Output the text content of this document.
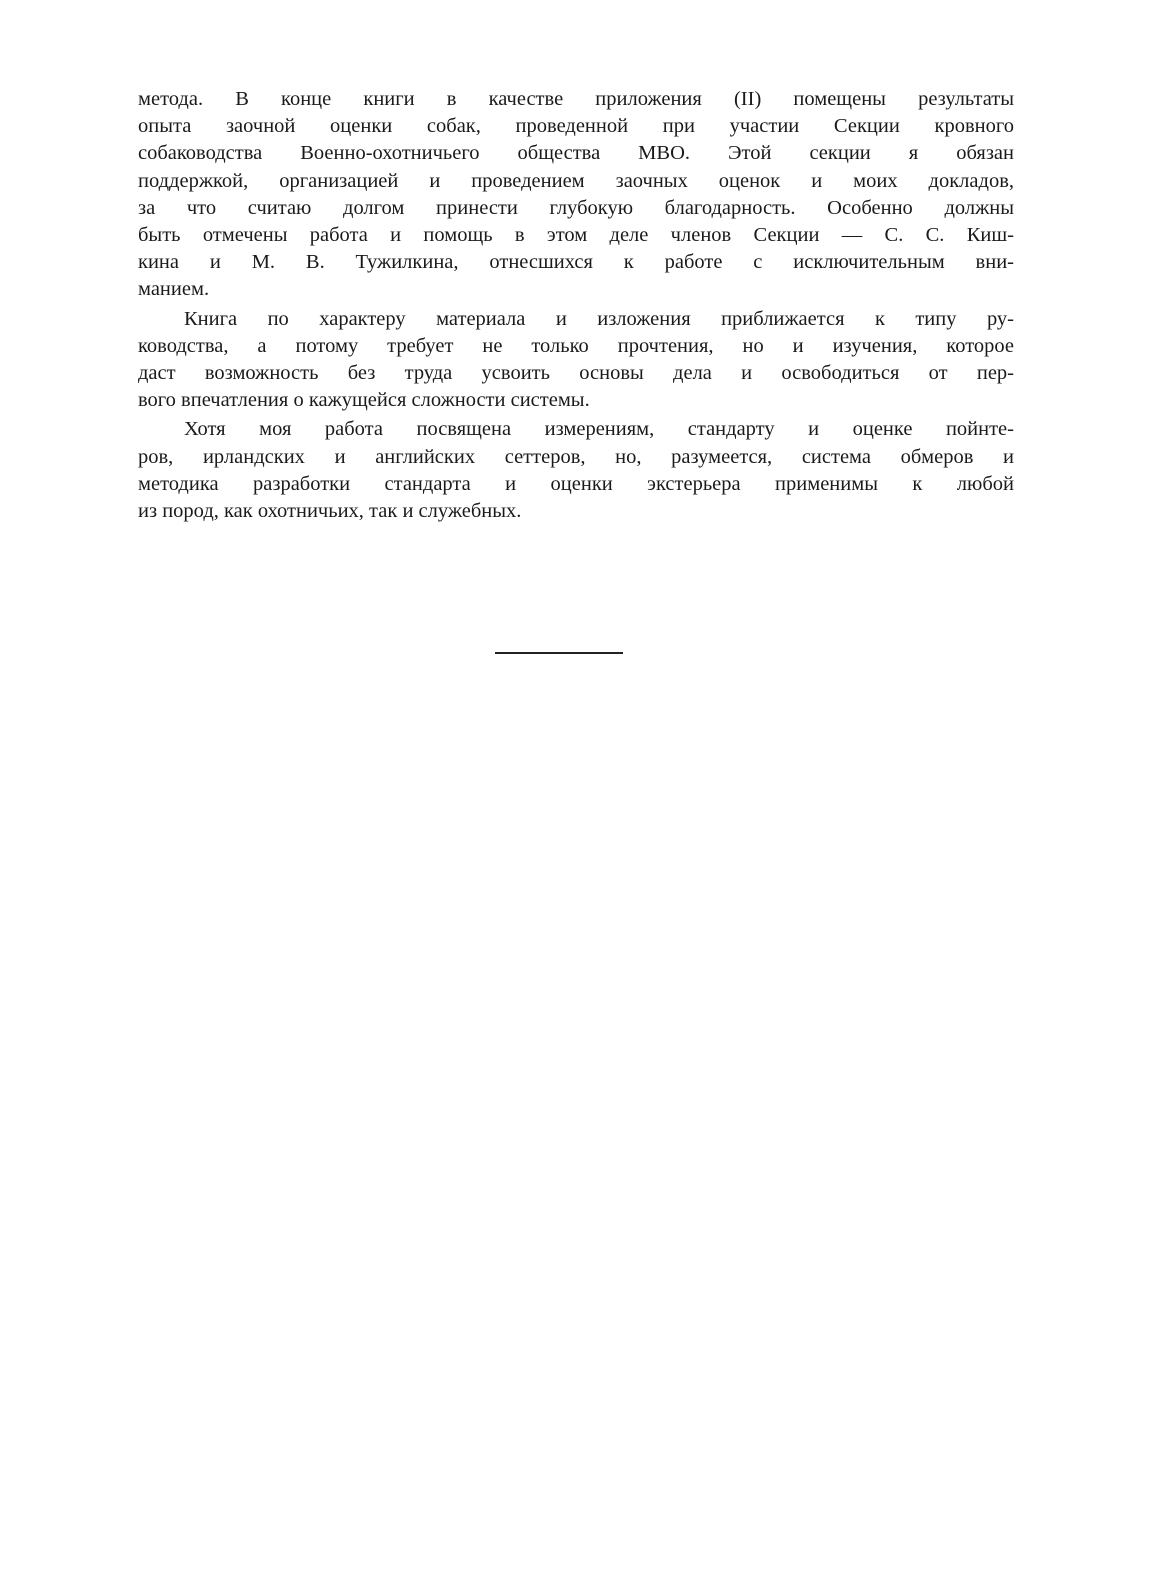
метода. В конце книги в качестве приложения (II) помещены результаты
опыта заочной оценки собак, проведенной при участии Секции кровного
собаководства Военно-охотничьего общества МВО. Этой секции я обязан
поддержкой, организацией и проведением заочных оценок и моих докладов,
за что считаю долгом принести глубокую благодарность. Особенно должны
быть отмечены работа и помощь в этом деле членов Секции — С. С. Киш-
кина и М. В. Тужилкина, отнесшихся к работе с исключительным вни-
манием.
Книга по характеру материала и изложения приближается к типу ру-
ководства, а потому требует не только прочтения, но и изучения, которое
даст возможность без труда усвоить основы дела и освободиться от пер-
вого впечатления о кажущейся сложности системы.
Хотя моя работа посвящена измерениям, стандарту и оценке пойнте-
ров, ирландских и английских сеттеров, но, разумеется, система обмеров и
методика разработки стандарта и оценки экстерьера применимы к любой
из пород, как охотничьих, так и служебных.
